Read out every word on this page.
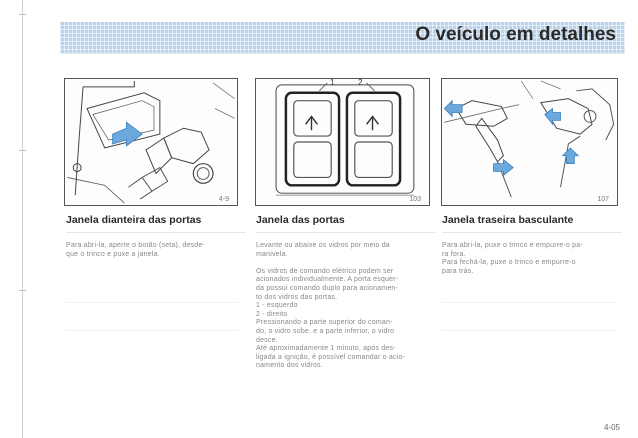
O veículo em detalhes
4-9
1	2
103	107
Janela dianteira das portas

Para abri-la, aperte o botão (seta), desde-
que o trinco e puxe a janela.

Janela das portas

Levante ou abaixe os vidros por meio da
manivela.

Os vidros de comando elétrico podem ser
acionados individualmente. A porta esquer-
da possui comando duplo para acionamen-
to dos vidros das portas.
1 - esquerdo
2 - direito
Pressionando a parte superior do coman-
do, o vidro sobe, e a parte inferior, o vidro
desce.
Até aproximadamente 1 minuto, após des-
ligada a ignição, é possível comandar o acio-
namento dos vidros.

Janela traseira basculante

Para abri-la, puxe o trinco e empurre-o pa-
ra fora.
Para fechá-la, puxe o trinco e empurre-o
para trás.

4-05
